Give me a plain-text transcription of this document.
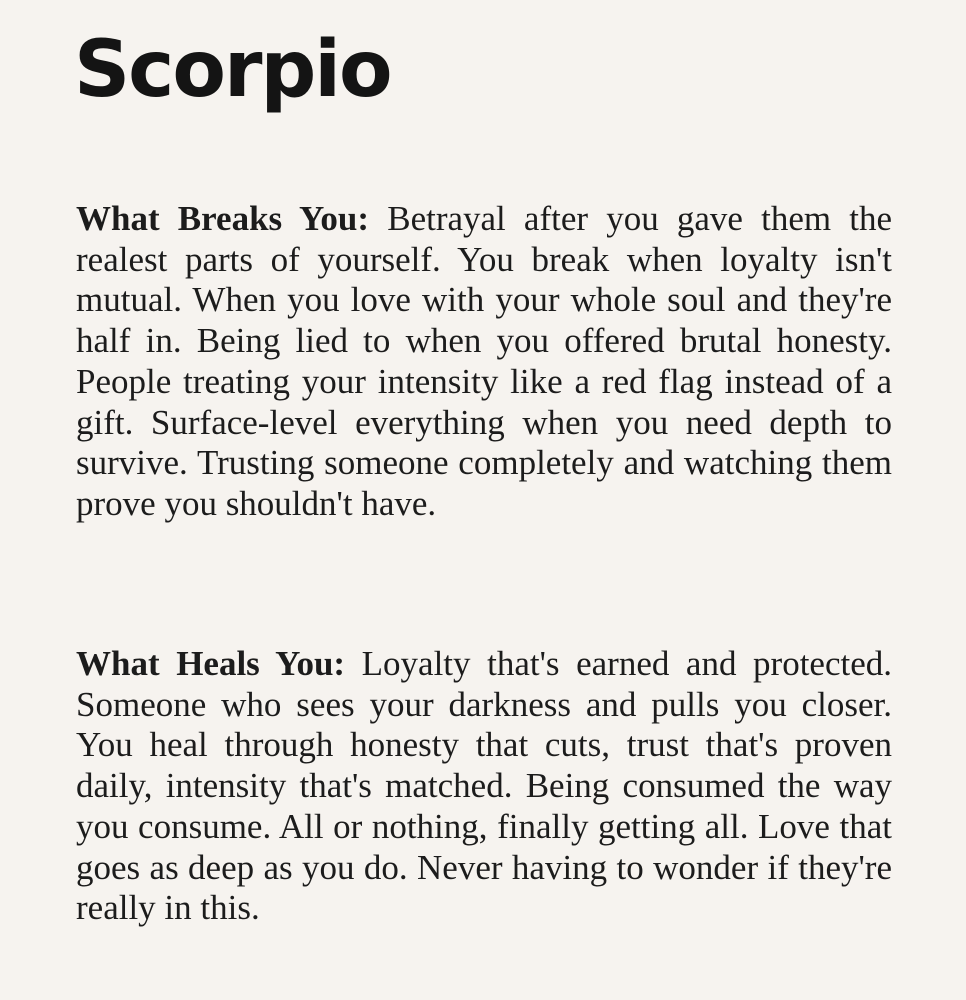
Scorpio

What Breaks You: Betrayal after you gave them the realest parts of yourself. You break when loyalty isn't mutual. When you love with your whole soul and they're half in. Being lied to when you offered brutal honesty. People treating your intensity like a red flag instead of a gift. Surface-level everything when you need depth to survive. Trusting someone completely and watching them prove you shouldn't have.

What Heals You: Loyalty that's earned and protected. Someone who sees your darkness and pulls you closer. You heal through honesty that cuts, trust that's proven daily, intensity that's matched. Being consumed the way you consume. All or nothing, finally getting all. Love that goes as deep as you do. Never having to wonder if they're really in this.
